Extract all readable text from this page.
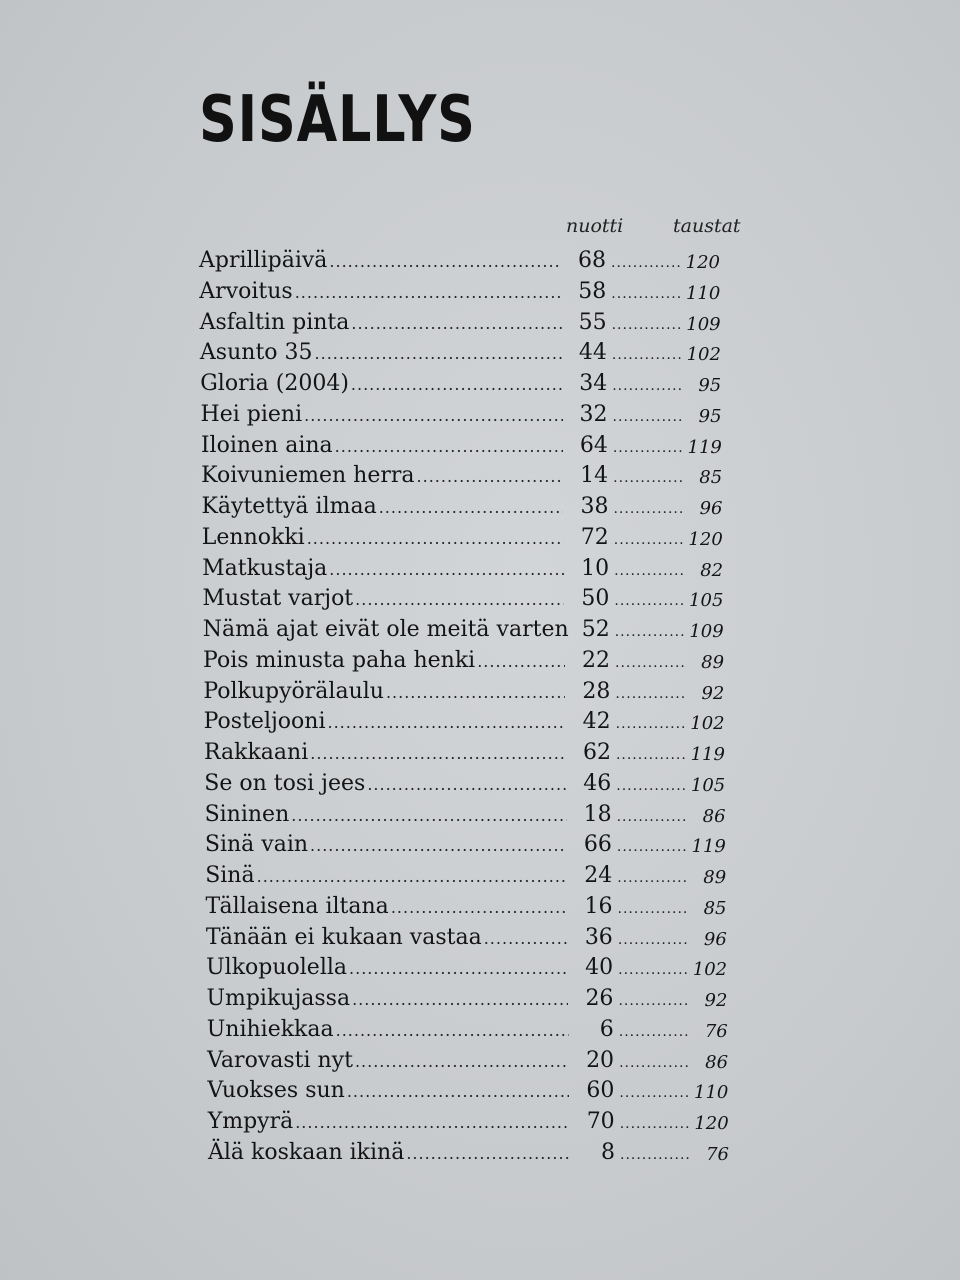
SISÄLLYS
nuotti	taustat
Aprillipäivä .....	68 .....	120
Arvoitus .....	58 .....	110
Asfaltin pinta .....	55 .....	109
Asunto 35 .....	44 .....	102
Gloria (2004) .....	34 .....	95
Hei pieni .....	32 .....	95
Iloinen aina .....	64 .....	119
Koivuniemen herra .....	14 .....	85
Käytettyä ilmaa .....	38 .....	96
Lennokki .....	72 .....	120
Matkustaja .....	10 .....	82
Mustat varjot .....	50 .....	105
Nämä ajat eivät ole meitä varten 52 .....	109
Pois minusta paha henki .....	22 .....	89
Polkupyörälaulu .....	28 .....	92
Posteljooni .....	42 .....	102
Rakkaani .....	62 .....	119
Se on tosi jees .....	46 .....	105
Sininen .....	18 .....	86
Sinä vain .....	66 .....	119
Sinä .....	24 .....	89
Tällaisena iltana .....	16 .....	85
Tänään ei kukaan vastaa .....	36 .....	96
Ulkopuolella .....	40 .....	102
Umpikujassa .....	26 .....	92
Unihiekkaa .....	6 .....	76
Varovasti nyt .....	20 .....	86
Vuokses sun .....	60 .....	110
Ympyrä .....	70 .....	120
Älä koskaan ikinä .....	8 .....	76
